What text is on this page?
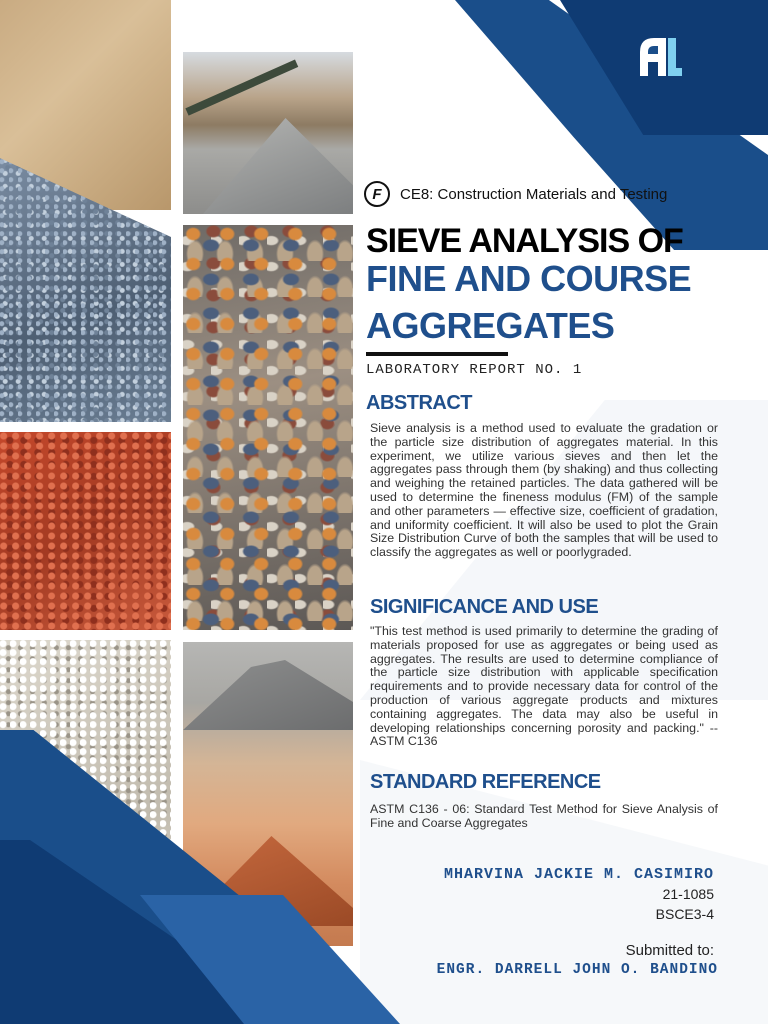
F	CE8: Construction Materials and Testing
SIEVE ANALYSIS OF
FINE AND COURSE
AGGREGATES
LABORATORY REPORT NO. 1
ABSTRACT
Sieve analysis is a method used to evaluate the gradation or the particle size distribution of aggregates material. In this experiment, we utilize various sieves and then let the aggregates pass through them (by shaking) and thus collecting and weighing the retained particles. The data gathered will be used to determine the fineness modulus (FM) of the sample and other parameters — effective size, coefficient of gradation, and uniformity coefficient. It will also be used to plot the Grain Size Distribution Curve of both the samples that will be used to classify the aggregates as well or poorlygraded.
SIGNIFICANCE AND USE
"This test method is used primarily to determine the grading of materials proposed for use as aggregates or being used as aggregates. The results are used to determine compliance of the particle size distribution with applicable specification requirements and to provide necessary data for control of the production of various aggregate products and mixtures containing aggregates. The data may also be useful in developing relationships concerning porosity and packing." -- ASTM C136
STANDARD REFERENCE
ASTM C136 - 06: Standard Test Method for Sieve Analysis of Fine and Coarse Aggregates
MHARVINA JACKIE M. CASIMIRO
21-1085
BSCE3-4
Submitted to:
ENGR. DARRELL JOHN O. BANDINO
